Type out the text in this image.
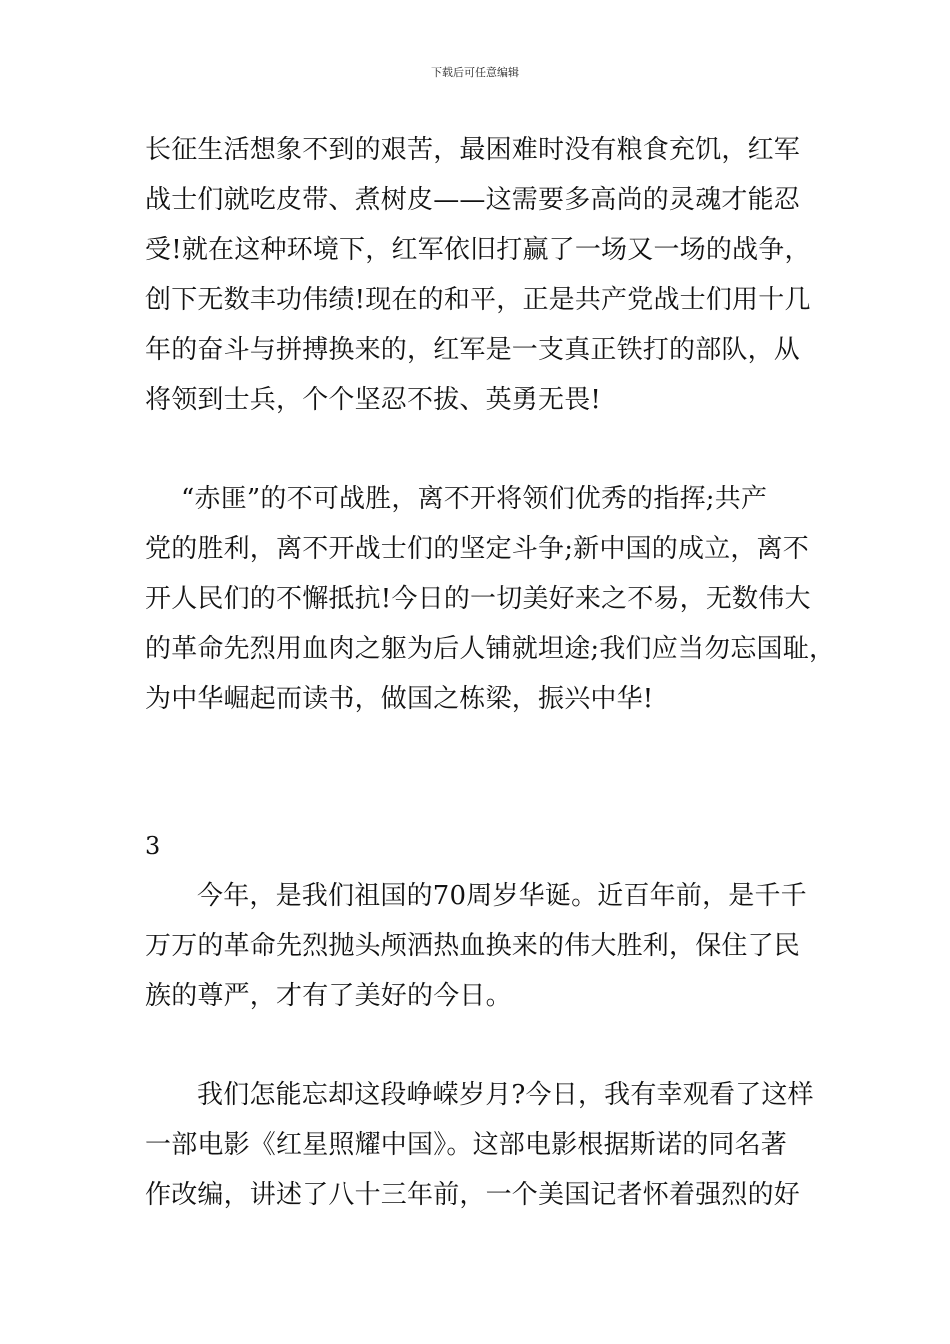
下载后可任意编辑
长征生活想象不到的艰苦，最困难时没有粮食充饥，红军
战士们就吃皮带、煮树皮——这需要多高尚的灵魂才能忍
受!就在这种环境下，红军依旧打赢了一场又一场的战争，
创下无数丰功伟绩!现在的和平，正是共产党战士们用十几
年的奋斗与拼搏换来的，红军是一支真正铁打的部队，从
将领到士兵，个个坚忍不拔、英勇无畏!
“赤匪”的不可战胜，离不开将领们优秀的指挥;共产
党的胜利，离不开战士们的坚定斗争;新中国的成立，离不
开人民们的不懈抵抗!今日的一切美好来之不易，无数伟大
的革命先烈用血肉之躯为后人铺就坦途;我们应当勿忘国耻，
为中华崛起而读书，做国之栋梁，振兴中华!
3
今年，是我们祖国的70周岁华诞。近百年前，是千千
万万的革命先烈抛头颅洒热血换来的伟大胜利，保住了民
族的尊严，才有了美好的今日。
我们怎能忘却这段峥嵘岁月?今日，我有幸观看了这样
一部电影《红星照耀中国》。这部电影根据斯诺的同名著
作改编，讲述了八十三年前，一个美国记者怀着强烈的好
